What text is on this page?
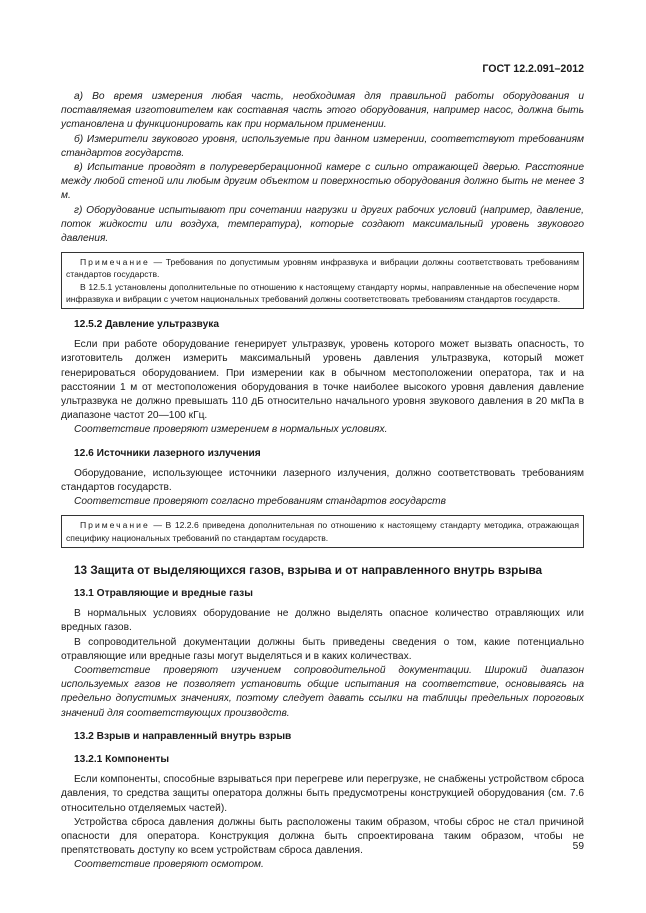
ГОСТ 12.2.091–2012

а) Во время измерения любая часть, необходимая для правильной работы оборудования и поставляемая изготовителем как составная часть этого оборудования, например насос, должна быть установлена и функционировать как при нормальном применении.

б) Измерители звукового уровня, используемые при данном измерении, соответствуют требованиям стандартов государств.

в) Испытание проводят в полуреверберационной камере с сильно отражающей дверью. Расстояние между любой стеной или любым другим объектом и поверхностью оборудования должно быть не менее 3 м.

г) Оборудование испытывают при сочетании нагрузки и других рабочих условий (например, давление, поток жидкости или воздуха, температура), которые создают максимальный уровень звукового давления.

Примечание — Требования по допустимым уровням инфразвука и вибрации должны соответствовать требованиям стандартов государств.

В 12.5.1 установлены дополнительные по отношению к настоящему стандарту нормы, направленные на обеспечение норм инфразвука и вибрации с учетом национальных требований должны соответствовать требованиям стандартов государств.

12.5.2 Давление ультразвука

Если при работе оборудование генерирует ультразвук, уровень которого может вызвать опасность, то изготовитель должен измерить максимальный уровень давления ультразвука, который может генерироваться оборудованием. При измерении как в обычном местоположении оператора, так и на расстоянии 1 м от местоположения оборудования в точке наиболее высокого уровня давления давление ультразвука не должно превышать 110 дБ относительно начального уровня звукового давления в 20 мкПа в диапазоне частот 20—100 кГц.

Соответствие проверяют измерением в нормальных условиях.

12.6 Источники лазерного излучения

Оборудование, использующее источники лазерного излучения, должно соответствовать требованиям стандартов государств.

Соответствие проверяют согласно требованиям стандартов государств

Примечание — В 12.2.6 приведена дополнительная по отношению к настоящему стандарту методика, отражающая специфику национальных требований по стандартам государств.

13 Защита от выделяющихся газов, взрыва и от направленного внутрь взрыва
13.1 Отравляющие и вредные газы

В нормальных условиях оборудование не должно выделять опасное количество отравляющих или вредных газов.

В сопроводительной документации должны быть приведены сведения о том, какие потенциально отравляющие или вредные газы могут выделяться и в каких количествах.

Соответствие проверяют изучением сопроводительной документации. Широкий диапазон используемых газов не позволяет установить общие испытания на соответствие, основываясь на предельно допустимых значениях, поэтому следует давать ссылки на таблицы предельных пороговых значений для соответствующих производств.

13.2 Взрыв и направленный внутрь взрыв
13.2.1 Компоненты

Если компоненты, способные взрываться при перегреве или перегрузке, не снабжены устройством сброса давления, то средства защиты оператора должны быть предусмотрены конструкцией оборудования (см. 7.6 относительно отделяемых частей).

Устройства сброса давления должны быть расположены таким образом, чтобы сброс не стал причиной опасности для оператора. Конструкция должна быть спроектирована таким образом, чтобы не препятствовать доступу ко всем устройствам сброса давления.

Соответствие проверяют осмотром.

59
